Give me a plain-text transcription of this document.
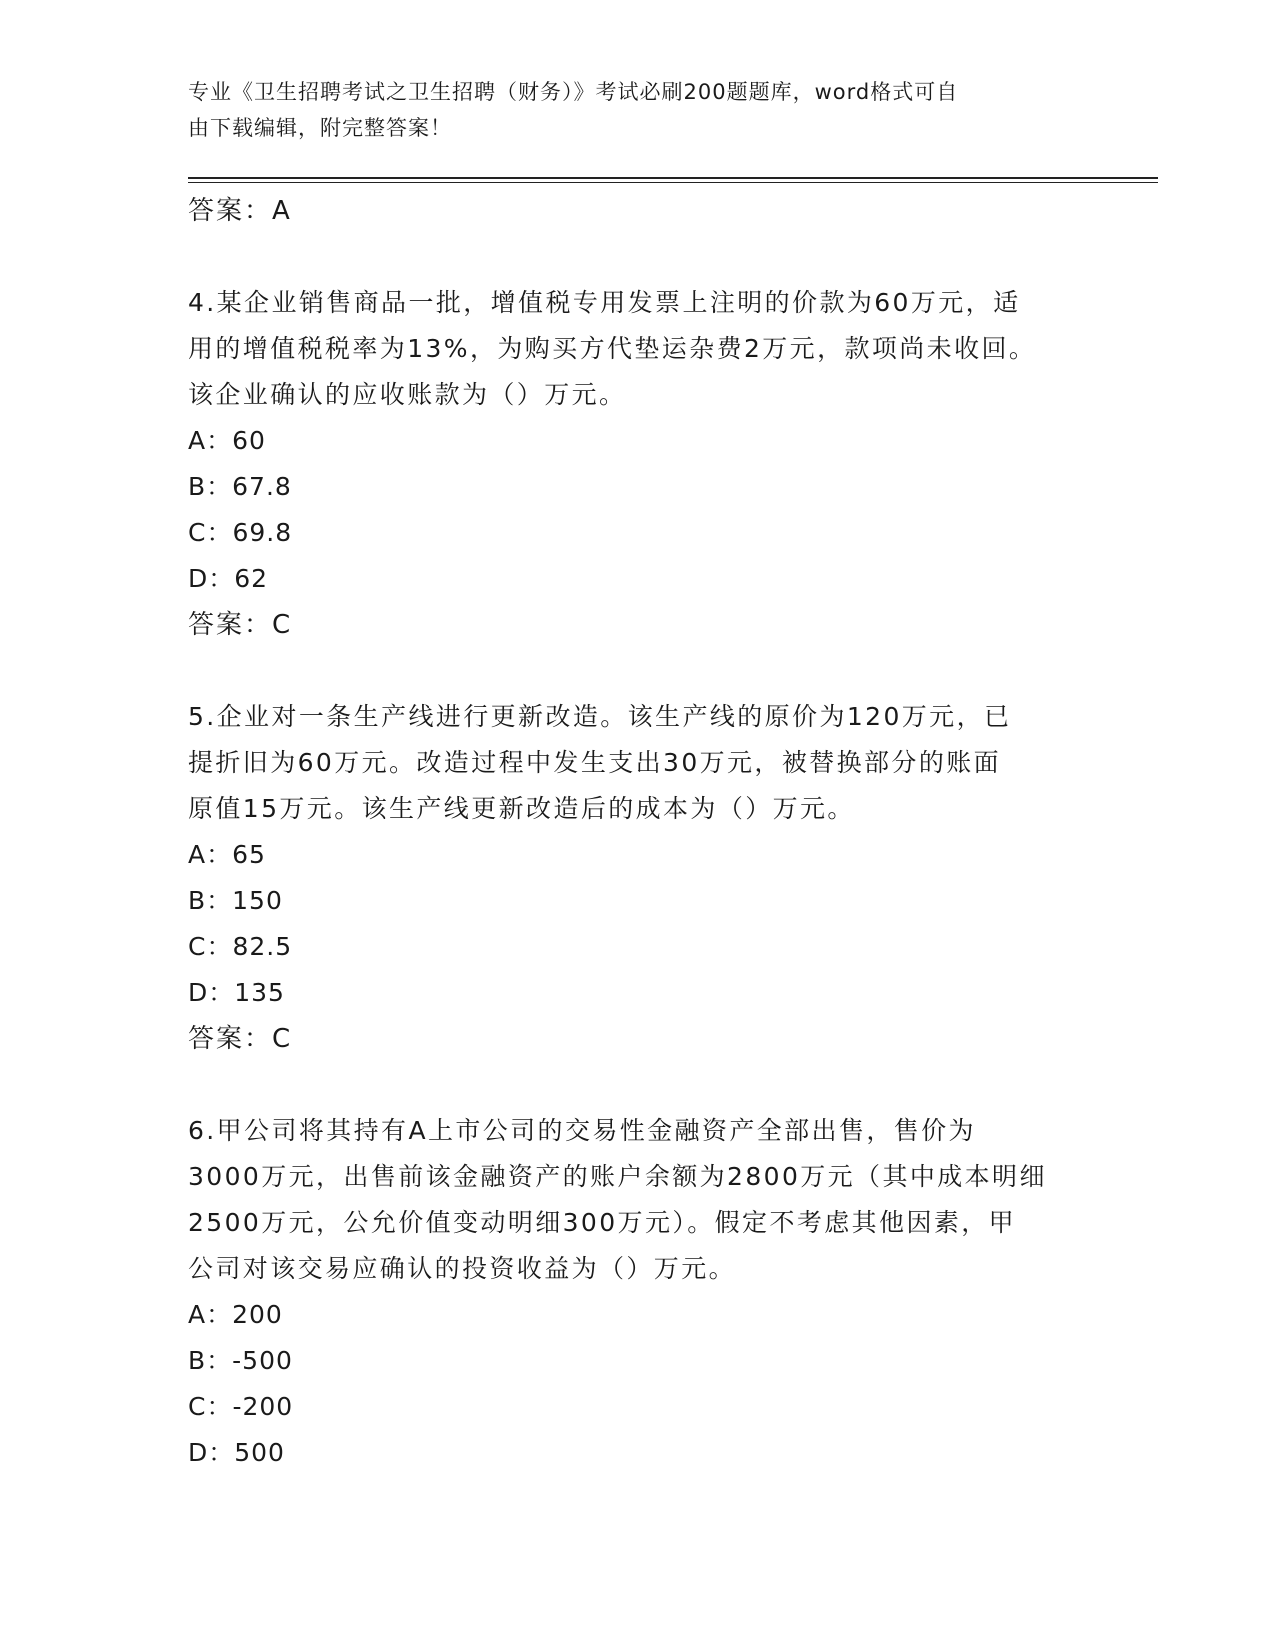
专业《卫生招聘考试之卫生招聘（财务）》考试必刷200题题库，word格式可自
由下载编辑，附完整答案！
答案：A
4.某企业销售商品一批，增值税专用发票上注明的价款为60万元，适
用的增值税税率为13%，为购买方代垫运杂费2万元，款项尚未收回。
该企业确认的应收账款为（）万元。
A：60
B：67.8
C：69.8
D：62
答案：C
5.企业对一条生产线进行更新改造。该生产线的原价为120万元，已
提折旧为60万元。改造过程中发生支出30万元，被替换部分的账面
原值15万元。该生产线更新改造后的成本为（）万元。
A：65
B：150
C：82.5
D：135
答案：C
6.甲公司将其持有A上市公司的交易性金融资产全部出售，售价为
3000万元，出售前该金融资产的账户余额为2800万元（其中成本明细
2500万元，公允价值变动明细300万元）。假定不考虑其他因素，甲
公司对该交易应确认的投资收益为（）万元。
A：200
B：-500
C：-200
D：500
